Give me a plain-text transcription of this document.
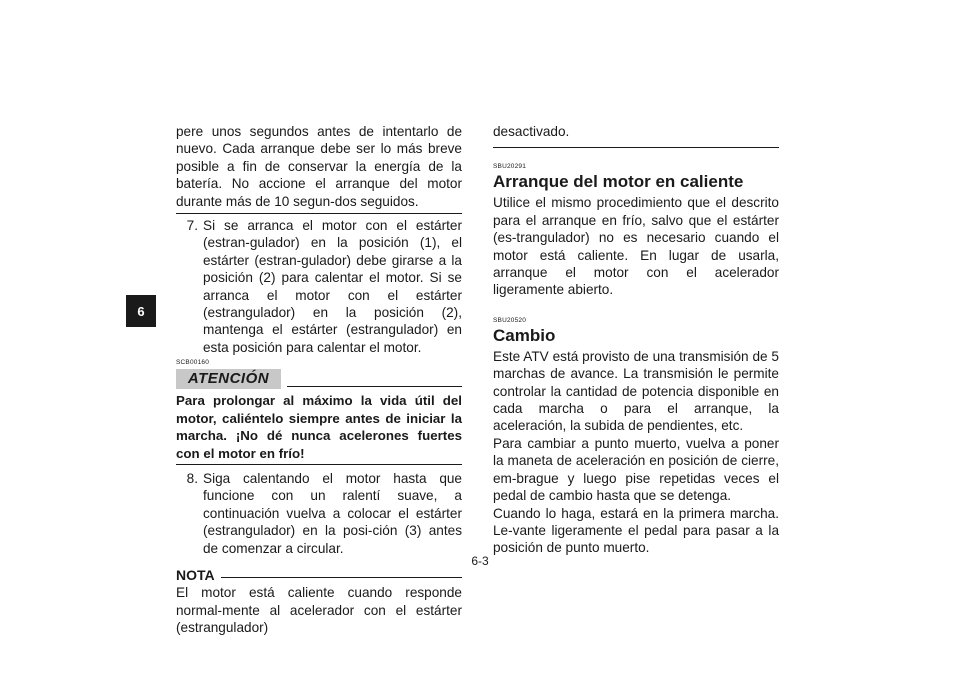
6

pere unos segundos antes de intentarlo de nuevo. Cada arranque debe ser lo más breve posible a fin de conservar la energía de la batería. No accione el arranque del motor durante más de 10 segun-dos seguidos.

7. Si se arranca el motor con el estárter (estran-gulador) en la posición (1), el estárter (estran-gulador) debe girarse a la posición (2) para calentar el motor. Si se arranca el motor con el estárter (estrangulador) en la posición (2), mantenga el estárter (estrangulador) en esta posición para calentar el motor.
SCB00160
ATENCIÓN
Para prolongar al máximo la vida útil del motor, caliéntelo siempre antes de iniciar la marcha. ¡No dé nunca acelerones fuertes con el motor en frío!
8. Siga calentando el motor hasta que funcione con un ralentí suave, a continuación vuelva a colocar el estárter (estrangulador) en la posi-ción (3) antes de comenzar a circular.
NOTA

El motor está caliente cuando responde normal-mente al acelerador con el estárter (estrangulador)

desactivado.

SBU20291
Arranque del motor en caliente

Utilice el mismo procedimiento que el descrito para el arranque en frío, salvo que el estárter (es-trangulador) no es necesario cuando el motor está caliente. En lugar de usarla, arranque el motor con el acelerador ligeramente abierto.

SBU20520
Cambio

Este ATV está provisto de una transmisión de 5 marchas de avance. La transmisión le permite controlar la cantidad de potencia disponible en cada marcha o para el arranque, la aceleración, la subida de pendientes, etc.

Para cambiar a punto muerto, vuelva a poner la maneta de aceleración en posición de cierre, em-brague y luego pise repetidas veces el pedal de cambio hasta que se detenga.

Cuando lo haga, estará en la primera marcha. Le-vante ligeramente el pedal para pasar a la posición de punto muerto.

6-3
